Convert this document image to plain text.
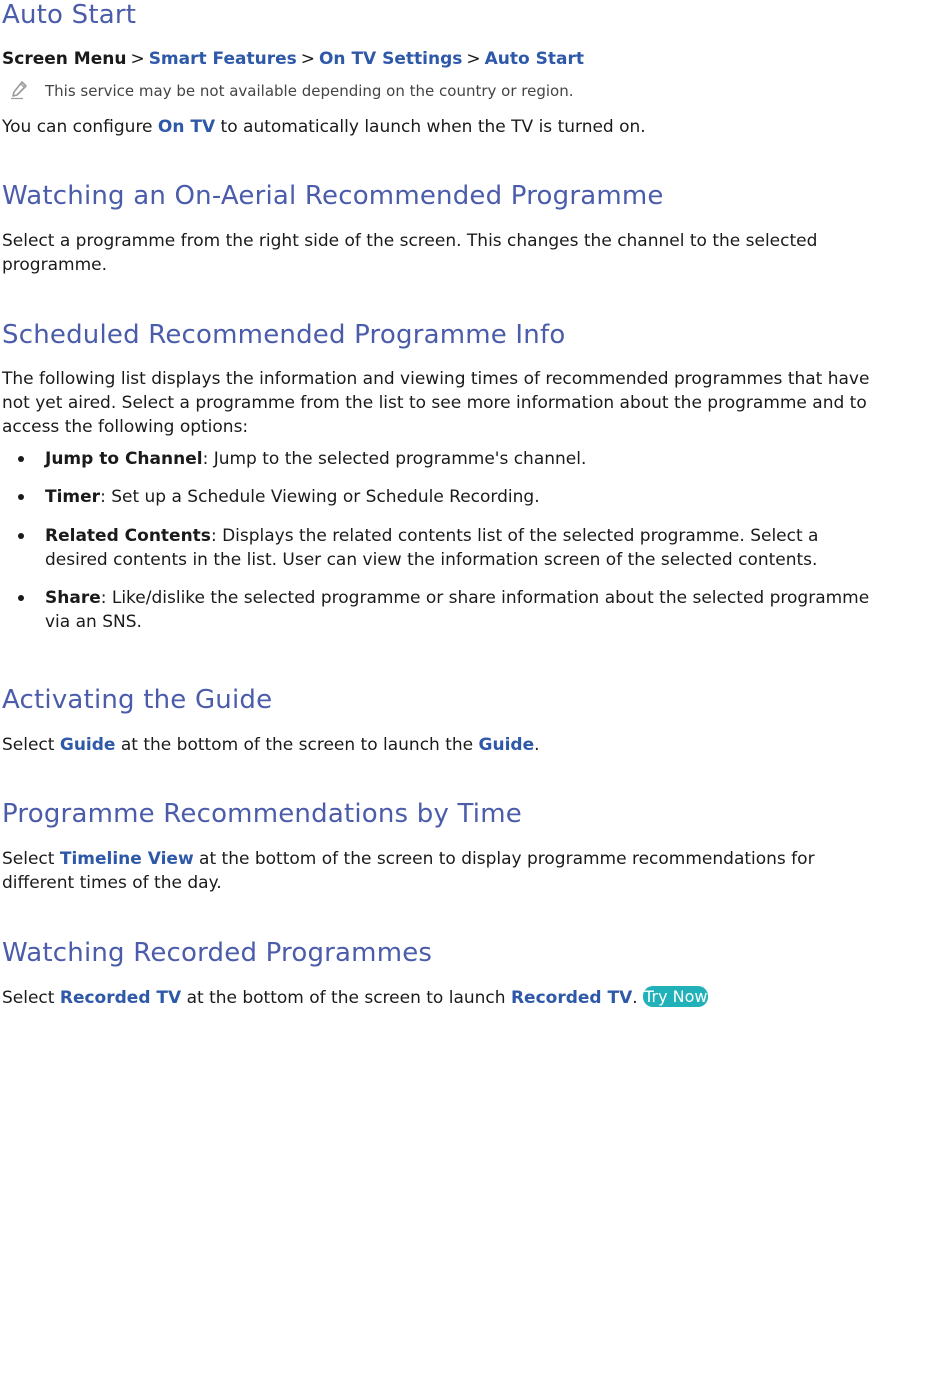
Auto Start
Screen Menu > Smart Features > On TV Settings > Auto Start
This service may be not available depending on the country or region.

You can configure On TV to automatically launch when the TV is turned on.

Watching an On-Aerial Recommended Programme

Select a programme from the right side of the screen. This changes the channel to the selected programme.

Scheduled Recommended Programme Info

The following list displays the information and viewing times of recommended programmes that have not yet aired. Select a programme from the list to see more information about the programme and to access the following options:

Jump to Channel: Jump to the selected programme's channel.
Timer: Set up a Schedule Viewing or Schedule Recording.
Related Contents: Displays the related contents list of the selected programme. Select a desired contents in the list. User can view the information screen of the selected contents.
Share: Like/dislike the selected programme or share information about the selected programme via an SNS.
Activating the Guide

Select Guide at the bottom of the screen to launch the Guide.

Programme Recommendations by Time

Select Timeline View at the bottom of the screen to display programme recommendations for different times of the day.

Watching Recorded Programmes

Select Recorded TV at the bottom of the screen to launch Recorded TV. Try Now
